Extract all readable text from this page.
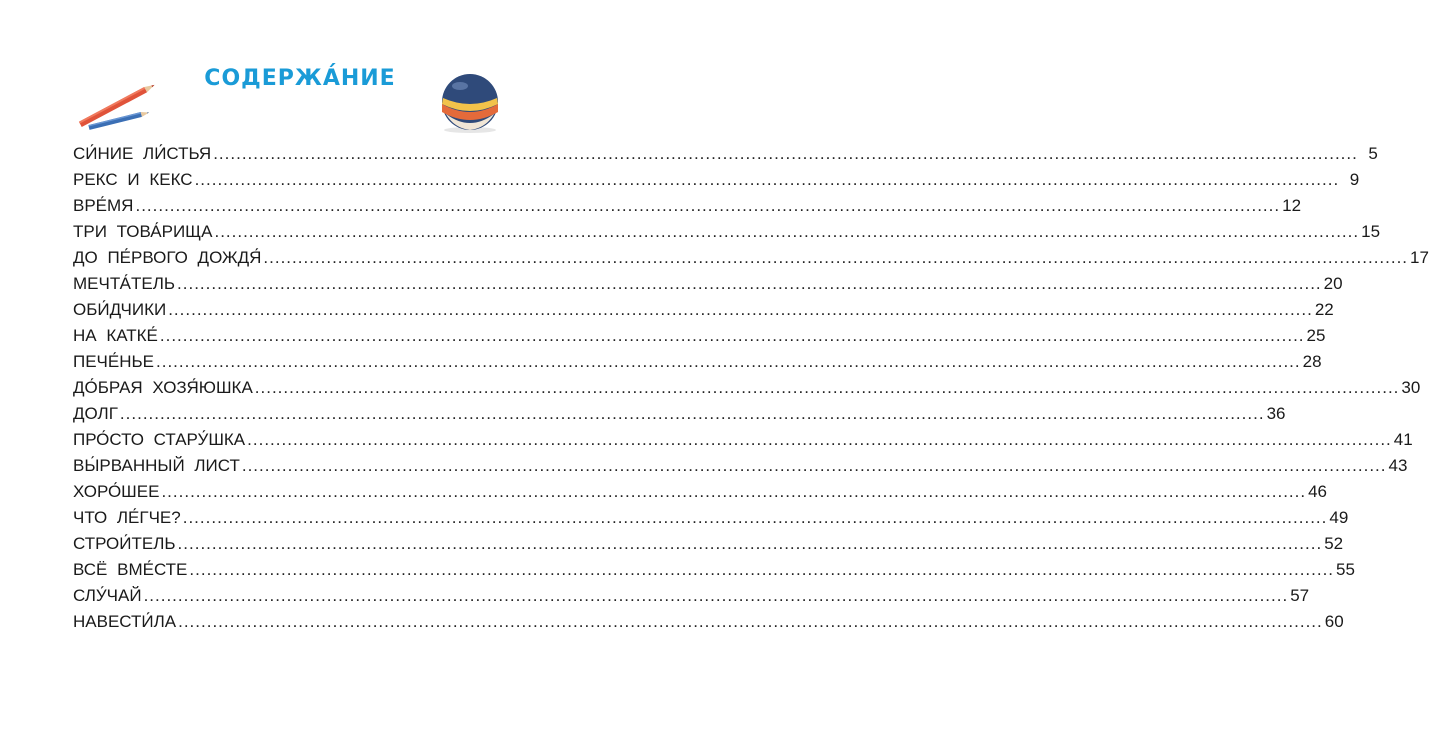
СОДЕРЖА́НИЕ
СИ́НИЕ ЛИ́СТЬЯ ........................................................................................................................................................................................................ 5
РЕКС И КЕКС ........................................................................................................................................................................................................ 9
ВРЕ́МЯ ........................................................................................................................................................................................................ 12
ТРИ ТОВА́РИЩА ........................................................................................................................................................................................................ 15
ДО ПЕ́РВОГО ДОЖДЯ́ ........................................................................................................................................................................................................ 17
МЕЧТА́ТЕЛЬ ........................................................................................................................................................................................................ 20
ОБИ́ДЧИКИ ........................................................................................................................................................................................................ 22
НА КАТКЕ́ ........................................................................................................................................................................................................ 25
ПЕЧЕ́НЬЕ ........................................................................................................................................................................................................ 28
ДО́БРАЯ ХОЗЯ́ЮШКА ........................................................................................................................................................................................................ 30
ДОЛГ ........................................................................................................................................................................................................ 36
ПРО́СТО СТАРУ́ШКА ........................................................................................................................................................................................................ 41
ВЫ́РВАННЫЙ ЛИСТ ........................................................................................................................................................................................................ 43
ХОРО́ШЕЕ ........................................................................................................................................................................................................ 46
ЧТО ЛЕ́ГЧЕ? ........................................................................................................................................................................................................ 49
СТРОИ́ТЕЛЬ ........................................................................................................................................................................................................ 52
ВСЁ ВМЕ́СТЕ ........................................................................................................................................................................................................ 55
СЛУ́ЧАЙ ........................................................................................................................................................................................................ 57
НАВЕСТИ́ЛА ........................................................................................................................................................................................................ 60
